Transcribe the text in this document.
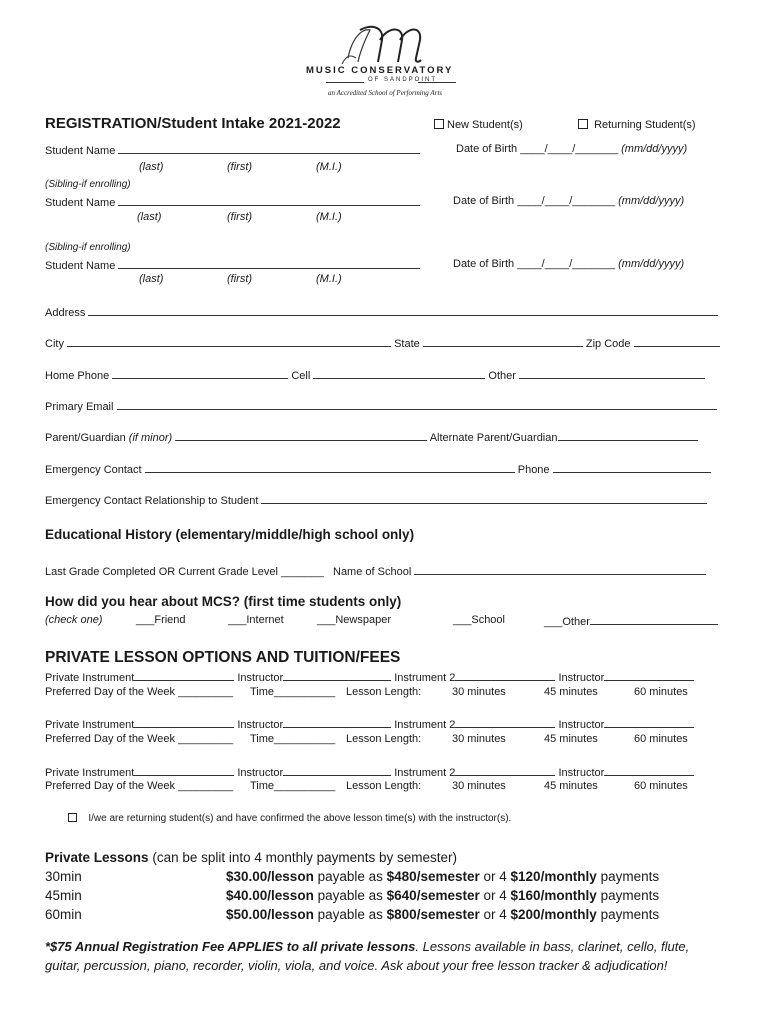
MUSIC CONSERVATORY
OF SANDPOINT
an Accredited School of Performing Arts
REGISTRATION/Student Intake 2021-2022	New Student(s)	Returning Student(s)
Student Name	Date of Birth ____/____/_______ (mm/dd/yyyy)
(last)	(first)	(M.I.)
(Sibling-if enrolling)
Student Name	Date of Birth ____/____/_______ (mm/dd/yyyy)
(last)	(first)	(M.I.)
(Sibling-if enrolling)
Student Name	Date of Birth ____/____/_______ (mm/dd/yyyy)
(last)	(first)	(M.I.)
Address
City	State	Zip Code
Home Phone	Cell	Other
Primary Email
Parent/Guardian (if minor)	Alternate Parent/Guardian
Emergency Contact	Phone
Emergency Contact Relationship to Student
Educational History (elementary/middle/high school only)
Last Grade Completed OR Current Grade Level _______ Name of School
How did you hear about MCS? (first time students only)
(check one)	___Friend	___Internet	___Newspaper	___School	___Other
PRIVATE LESSON OPTIONS AND TUITION/FEES
Private Instrument	Instructor	Instrument 2	Instructor
Preferred Day of the Week _________ Time__________ Lesson Length:	30 minutes	45 minutes	60 minutes
Private Instrument	Instructor	Instrument 2	Instructor
Preferred Day of the Week _________ Time__________ Lesson Length:	30 minutes	45 minutes	60 minutes
Private Instrument	Instructor	Instrument 2	Instructor
Preferred Day of the Week _________ Time__________ Lesson Length:	30 minutes	45 minutes	60 minutes
I/we are returning student(s) and have confirmed the above lesson time(s) with the instructor(s).
Private Lessons (can be split into 4 monthly payments by semester)
30min	$30.00/lesson payable as $480/semester or 4 $120/monthly payments
45min	$40.00/lesson payable as $640/semester or 4 $160/monthly payments
60min	$50.00/lesson payable as $800/semester or 4 $200/monthly payments
*$75 Annual Registration Fee APPLIES to all private lessons. Lessons available in bass, clarinet, cello, flute,
guitar, percussion, piano, recorder, violin, viola, and voice. Ask about your free lesson tracker & adjudication!
